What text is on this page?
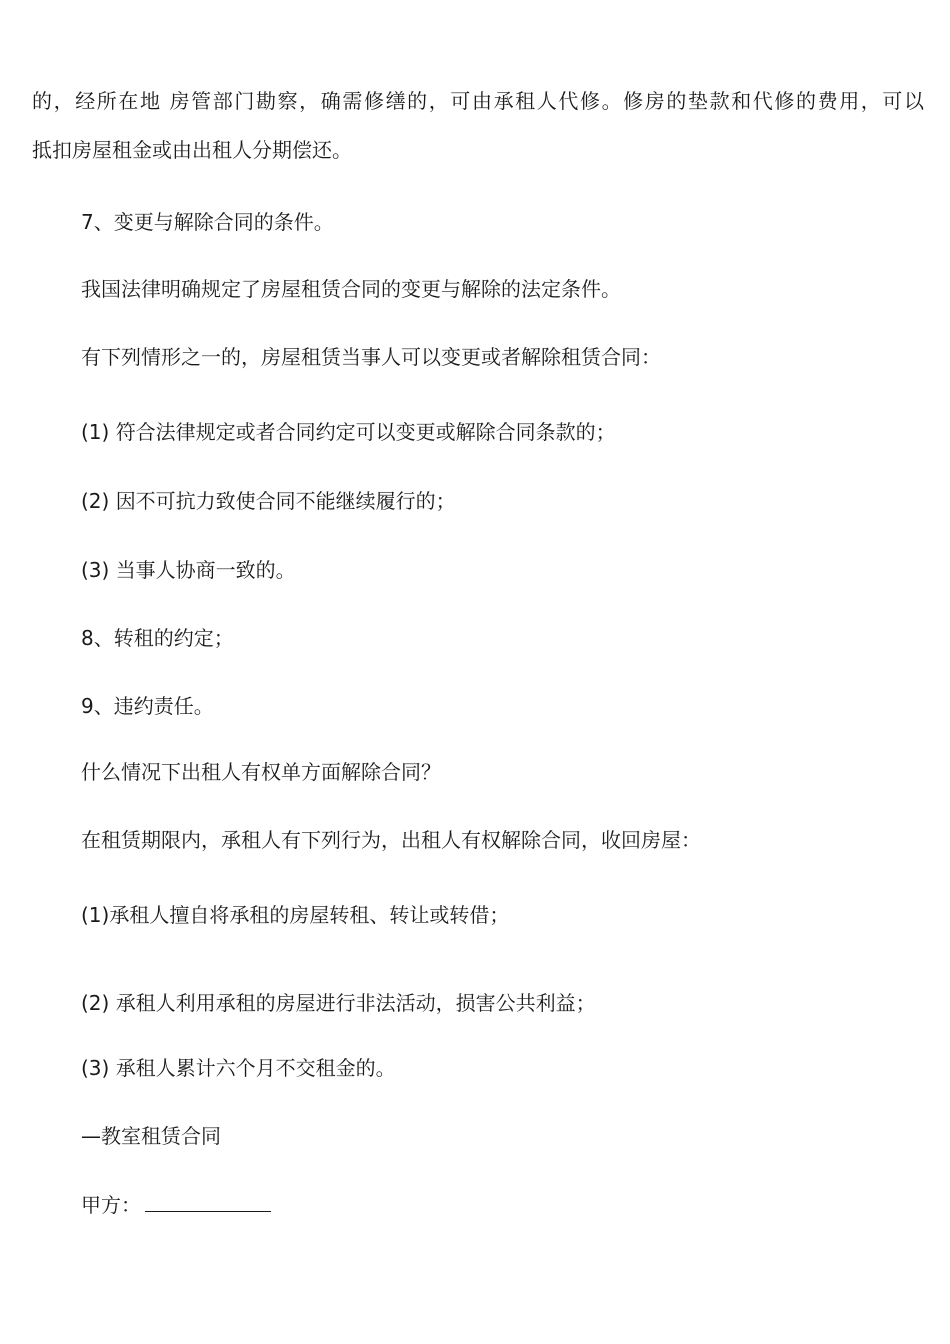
的，经所在地 房管部门勘察，确需修缮的，可由承租人代修。修房的垫款和代修的费用，可以
抵扣房屋租金或由出租人分期偿还。
7、变更与解除合同的条件。
我国法律明确规定了房屋租赁合同的变更与解除的法定条件。
有下列情形之一的，房屋租赁当事人可以变更或者解除租赁合同：
(1) 符合法律规定或者合同约定可以变更或解除合同条款的；
(2) 因不可抗力致使合同不能继续履行的；
(3) 当事人协商一致的。
8、转租的约定；
9、违约责任。
什么情况下出租人有权单方面解除合同？
在租赁期限内，承租人有下列行为，出租人有权解除合同，收回房屋：
(1)承租人擅自将承租的房屋转租、转让或转借；
(2) 承租人利用承租的房屋进行非法活动，损害公共利益；
(3) 承租人累计六个月不交租金的。
—教室租赁合同
甲方：
